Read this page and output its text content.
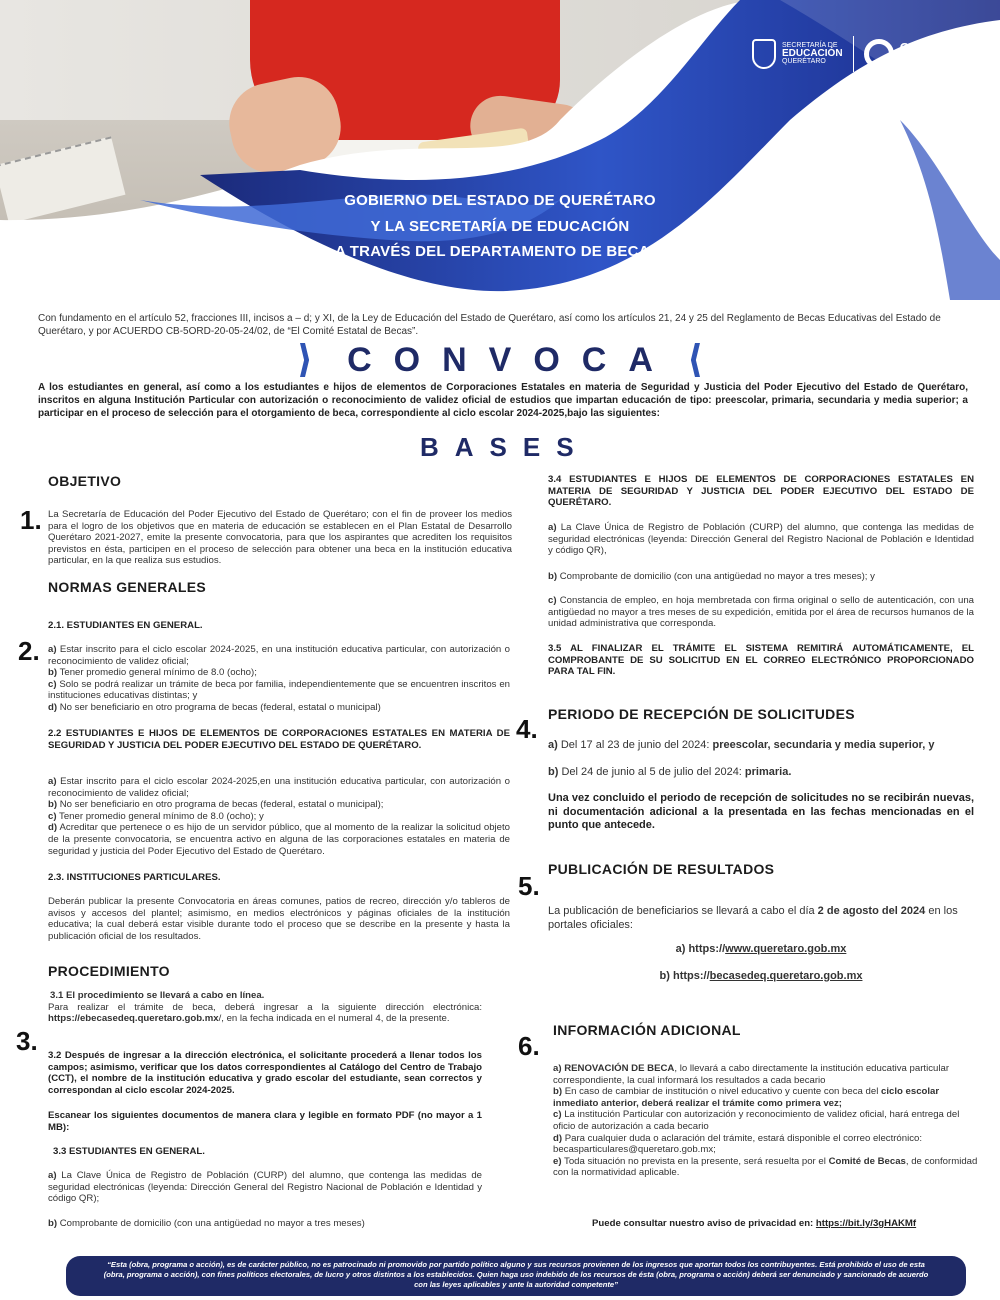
SECRETARÍA DE
EDUCACIÓN
QUERÉTARO
QUERÉTARO
JUNTOS, ADELANTE.
GOBIERNO DEL ESTADO DE QUERÉTARO
Y LA SECRETARÍA DE EDUCACIÓN
A TRAVÉS DEL DEPARTAMENTO DE BECAS:
Con fundamento en el artículo 52, fracciones III, incisos a – d; y XI, de la Ley de Educación del Estado de Querétaro, así como los artículos 21, 24 y 25 del Reglamento de Becas Educativas del Estado de Querétaro, y por ACUERDO CB-5ORD-20-05-24/02, de “El Comité Estatal de Becas”.
CONVOCA
A los estudiantes en general, así como a los estudiantes e hijos de elementos de Corporaciones Estatales en materia de Seguridad y Justicia del Poder Ejecutivo del Estado de Querétaro, inscritos en alguna Institución Particular con autorización o reconocimiento de validez oficial de estudios que impartan educación de tipo: preescolar, primaria, secundaria y media superior; a participar en el proceso de selección para el otorgamiento de beca, correspondiente al ciclo escolar 2024-2025,bajo las siguientes:
BASES
OBJETIVO
1. La Secretaría de Educación del Poder Ejecutivo del Estado de Querétaro; con el fin de proveer los medios para el logro de los objetivos que en materia de educación se establecen en el Plan Estatal de Desarrollo Querétaro 2021-2027, emite la presente convocatoria, para que los aspirantes que acrediten los requisitos previstos en ésta, participen en el proceso de selección para obtener una beca en la institución educativa particular, en la que realiza sus estudios.
NORMAS GENERALES
2.1. ESTUDIANTES EN GENERAL.
2. a) Estar inscrito para el ciclo escolar 2024-2025, en una institución educativa particular, con autorización o reconocimiento de validez oficial;
b) Tener promedio general mínimo de 8.0 (ocho);
c) Solo se podrá realizar un trámite de beca por familia, independientemente que se encuentren inscritos en instituciones educativas distintas; y
d) No ser beneficiario en otro programa de becas (federal, estatal o municipal)
2.2 ESTUDIANTES E HIJOS DE ELEMENTOS DE CORPORACIONES ESTATALES EN MATERIA DE SEGURIDAD Y JUSTICIA DEL PODER EJECUTIVO DEL ESTADO DE QUERÉTARO.
a) Estar inscrito para el ciclo escolar 2024-2025,en una institución educativa particular, con autorización o reconocimiento de validez oficial;
b) No ser beneficiario en otro programa de becas (federal, estatal o municipal);
c) Tener promedio general mínimo de 8.0 (ocho); y
d) Acreditar que pertenece o es hijo de un servidor público, que al momento de la realizar la solicitud objeto de la presente convocatoria, se encuentra activo en alguna de las corporaciones estatales en materia de seguridad y justicia del Poder Ejecutivo del Estado de Querétaro.
2.3. INSTITUCIONES PARTICULARES.
Deberán publicar la presente Convocatoria en áreas comunes, patios de recreo, dirección y/o tableros de avisos y accesos del plantel; asimismo, en medios electrónicos y páginas oficiales de la institución educativa; la cual deberá estar visible durante todo el proceso que se describe en la presente y hasta la publicación oficial de los resultados.
PROCEDIMIENTO
3.1 El procedimiento se llevará a cabo en línea.
Para realizar el trámite de beca, deberá ingresar a la siguiente dirección electrónica: https://ebecasedeq.queretaro.gob.mx/, en la fecha indicada en el numeral 4, de la presente.
3. 3.2 Después de ingresar a la dirección electrónica, el solicitante procederá a llenar todos los campos; asimismo, verificar que los datos correspondientes al Catálogo del Centro de Trabajo (CCT), el nombre de la institución educativa y grado escolar del estudiante, sean correctos y correspondan al ciclo escolar 2024-2025.
Escanear los siguientes documentos de manera clara y legible en formato PDF (no mayor a 1 MB):
3.3 ESTUDIANTES EN GENERAL.
a) La Clave Única de Registro de Población (CURP) del alumno, que contenga las medidas de seguridad electrónicas (leyenda: Dirección General del Registro Nacional de Población e Identidad y código QR);
b) Comprobante de domicilio (con una antigüedad no mayor a tres meses)
3.4 ESTUDIANTES E HIJOS DE ELEMENTOS DE CORPORACIONES ESTATALES EN MATERIA DE SEGURIDAD Y JUSTICIA DEL PODER EJECUTIVO DEL ESTADO DE QUERÉTARO.
a) La Clave Única de Registro de Población (CURP) del alumno, que contenga las medidas de seguridad electrónicas (leyenda: Dirección General del Registro Nacional de Población e Identidad y código QR),
b) Comprobante de domicilio (con una antigüedad no mayor a tres meses); y
c) Constancia de empleo, en hoja membretada con firma original o sello de autenticación, con una antigüedad no mayor a tres meses de su expedición, emitida por el área de recursos humanos de la unidad administrativa que corresponda.
3.5 AL FINALIZAR EL TRÁMITE EL SISTEMA REMITIRÁ AUTOMÁTICAMENTE, EL COMPROBANTE DE SU SOLICITUD EN EL CORREO ELECTRÓNICO PROPORCIONADO PARA TAL FIN.
PERIODO DE RECEPCIÓN DE SOLICITUDES
4.
a) Del 17 al 23 de junio del 2024: preescolar, secundaria y media superior, y
b) Del 24 de junio al 5 de julio del 2024: primaria.
Una vez concluido el periodo de recepción de solicitudes no se recibirán nuevas, ni documentación adicional a la presentada en las fechas mencionadas en el punto que antecede.
PUBLICACIÓN DE RESULTADOS
5.
La publicación de beneficiarios se llevará a cabo el día 2 de agosto del 2024 en los portales oficiales:
a) https://www.queretaro.gob.mx
b) https://becasedeq.queretaro.gob.mx
INFORMACIÓN ADICIONAL
6.
a) RENOVACIÓN DE BECA, lo llevará a cabo directamente la institución educativa particular correspondiente, la cual informará los resultados a cada becario
b) En caso de cambiar de institución o nivel educativo y cuente con beca del ciclo escolar inmediato anterior, deberá realizar el trámite como primera vez;
c) La institución Particular con autorización y reconocimiento de validez oficial, hará entrega del oficio de autorización a cada becario
d) Para cualquier duda o aclaración del trámite, estará disponible el correo electrónico: becasparticulares@queretaro.gob.mx;
e) Toda situación no prevista en la presente, será resuelta por el Comité de Becas, de conformidad con la normatividad aplicable.
Puede consultar nuestro aviso de privacidad en: https://bit.ly/3gHAKMf
“Esta (obra, programa o acción), es de carácter público, no es patrocinado ni promovido por partido político alguno y sus recursos provienen de los ingresos que aportan todos los contribuyentes. Está prohibido el uso de esta (obra, programa o acción), con fines políticos electorales, de lucro y otros distintos a los establecidos. Quien haga uso indebido de los recursos de ésta (obra, programa o acción) deberá ser denunciado y sancionado de acuerdo con las leyes aplicables y ante la autoridad competente”
